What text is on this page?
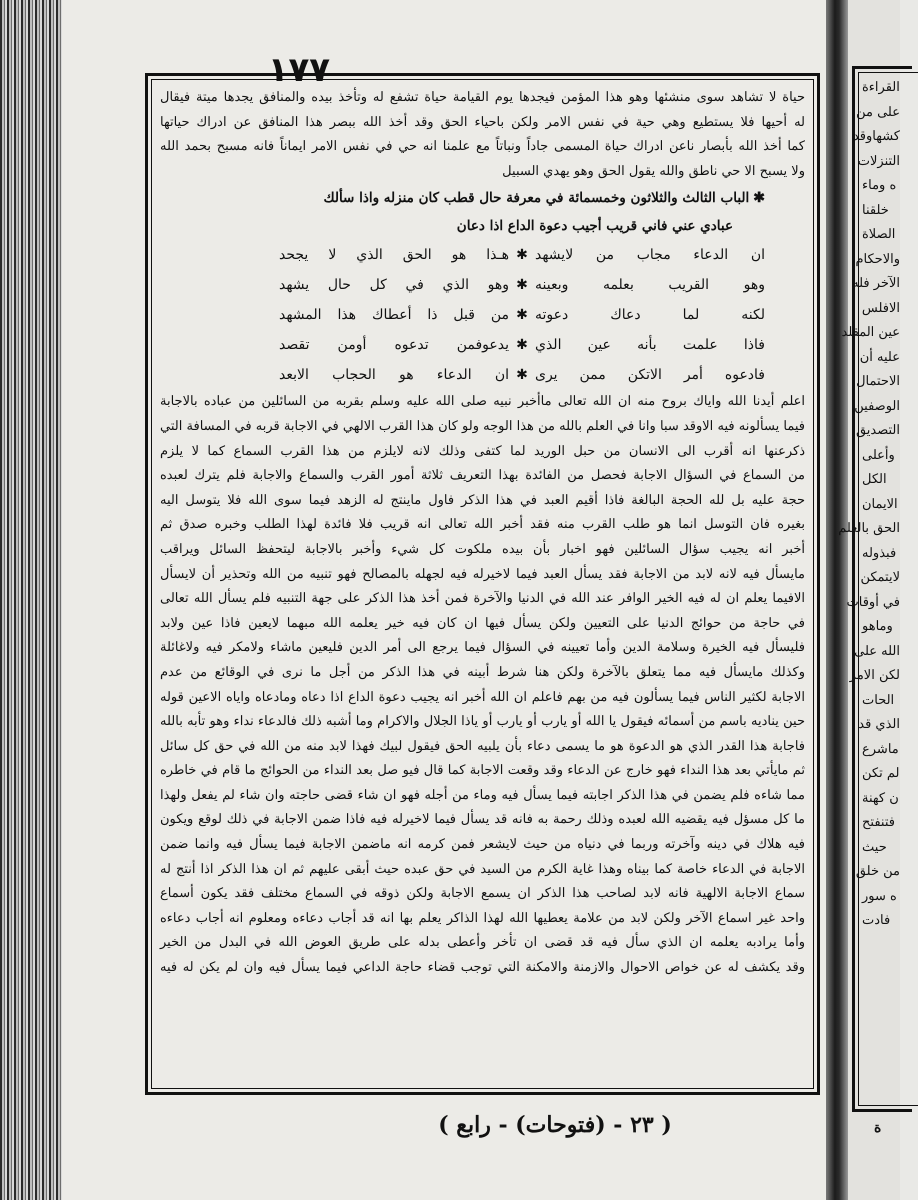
١٧٧
حياة لا تشاهد سوى منشئها وهو هذا المؤمن فيجدها يوم القيامة حياة تشفع له وتأخذ بيده والمنافق يجدها ميتة فيقال
له أحيها فلا يستطيع وهي حية في نفس الامر ولكن باحياء الحق وقد أخذ الله ببصر هذا المنافق عن ادراك حياتها
كما أخذ الله بأبصار ناعن ادراك حياة المسمى جاداً ونباتاً مع علمنا انه حي في نفس الامر ايماناً فانه مسبح بحمد الله
ولا يسبح الا حي ناطق والله يقول الحق وهو يهدي السبيل
✱الباب الثالث والثلاثون وخمسمائة في معرفة حال قطب كان منزله واذا سألك
عبادي عني فاني قريب أجيب دعوة الداع اذا دعان
ان الدعاء مجاب من لايشهد
✱
هـذا هو الحق الذي لا يجحد
وهو القريب بعلمه وبعينه
✱
وهو الذي في كل حال يشهد
لكنه لما دعاك دعوته
✱
من قبل ذا أعطاك هذا المشهد
فاذا علمت بأنه عين الذي
✱
يدعوفمن تدعوه أومن تقصد
فادعوه أمر الاتكن ممن يرى
✱
ان الدعاء هو الحجاب الابعد
اعلم أيدنا الله واياك بروح منه ان الله تعالى ماأخبر نبيه صلى الله عليه وسلم بقربه من السائلين من عباده بالاجابة
فيما يسألونه فيه الاوقد سبا وانا في العلم بالله من هذا الوجه ولو كان هذا القرب الالهي في الاجابة قربه في المسافة التي
ذكرعنها انه أقرب الى الانسان من حبل الوريد لما كتفى وذلك لانه لايلزم من هذا القرب السماع كما لا يلزم
من السماع في السؤال الاجابة فحصل من الفائدة بهذا التعريف ثلاثة أمور القرب والسماع والاجابة فلم يترك لعبده
حجة عليه بل لله الحجة البالغة فاذا أقيم العبد في هذا الذكر فاول ماينتج له الزهد فيما سوى الله فلا يتوسل اليه
بغيره فان التوسل انما هو طلب القرب منه فقد أخبر الله تعالى انه قريب فلا فائدة لهذا الطلب وخبره صدق ثم
أخبر انه يجيب سؤال السائلين فهو اخبار بأن بيده ملكوت كل شيء وأخبر بالاجابة ليتحفظ السائل ويراقب
مايسأل فيه لانه لابد من الاجابة فقد يسأل العبد فيما لاخيرله فيه لجهله بالمصالح فهو تنبيه من الله وتحذير أن لايسأل
الافيما يعلم ان له فيه الخير الوافر عند الله في الدنيا والآخرة فمن أخذ هذا الذكر على جهة التنبيه فلم يسأل الله تعالى
في حاجة من حوائج الدنيا على التعيين ولكن يسأل فيها ان كان فيه خير يعلمه الله مبهما لايعين فاذا عين ولابد
فليسأل فيه الخيرة وسلامة الدين وأما تعيينه في السؤال فيما يرجع الى أمر الدين فليعين ماشاء ولامكر فيه ولاغائلة
وكذلك مايسأل فيه مما يتعلق بالآخرة ولكن هنا شرط أبينه في هذا الذكر من أجل ما نرى في الوقائع من عدم
الاجابة لكثير الناس فيما يسألون فيه من بهم فاعلم ان الله أخبر انه يجيب دعوة الداع اذا دعاه ومادعاه واياه الاعين قوله
حين يناديه باسم من أسمائه فيقول يا الله أو يارب أو يارب أو ياذا الجلال والاكرام وما أشبه ذلك فالدعاء نداء وهو تأبه بالله
فاجابة هذا القدر الذي هو الدعوة هو ما يسمى دعاء بأن يلبيه الحق فيقول لبيك فهذا لابد منه من الله في حق كل سائل
ثم مايأتي بعد هذا النداء فهو خارج عن الدعاء وقد وقعت الاجابة كما قال فيو صل بعد النداء من الحوائج ما قام في خاطره
مما شاءه فلم يضمن في هذا الذكر اجابته فيما يسأل فيه وماء من أجله فهو ان شاء قضى حاجته وان شاء لم يفعل ولهذا
ما كل مسؤل فيه يقضيه الله لعبده وذلك رحمة به فانه قد يسأل فيما لاخيرله فيه فاذا ضمن الاجابة في ذلك لوقع ويكون
فيه هلاك في دينه وآخرته وربما في دنياه من حيث لايشعر فمن كرمه انه ماضمن الاجابة فيما يسأل فيه وانما ضمن
الاجابة في الدعاء خاصة كما بيناه وهذا غاية الكرم من السيد في حق عبده حيث أبقى عليهم ثم ان هذا الذكر اذا أنتج له
سماع الاجابة الالهية فانه لابد لصاحب هذا الذكر ان يسمع الاجابة ولكن ذوقه في السماع مختلف فقد يكون أسماع
واحد غير اسماع الآخر ولكن لابد من علامة يعطيها الله لهذا الذاكر يعلم بها انه قد أجاب دعاءه ومعلوم انه أجاب دعاءه
وأما يرادبه يعلمه ان الذي سأل فيه قد قضى ان تأخر وأعطى بدله على طريق العوض الله في البدل من الخير
وقد يكشف له عن خواص الاحوال والازمنة والامكنة التي توجب قضاء حاجة الداعي فيما يسأل فيه وان لم يكن له فيه
( ٢٣ - (فتوحات) - رابع )
القراءة
على من
كشهاوقد
التنزلات
ه وماء
خلقنا
الصلاة
والاحكام
الآخر فله
الافلس
عين المقلد
عليه أن
الاحتمال
الوصفين
التصديق
وأعلى
الكل
الايمان
الحق بالعلم
فبذوله
لايتمكن
في أوقات
وماهو
الله على
لكن الامر
الحات
الذي قد
ماشرع
لم تكن
ن كهنة
فتنفتح
حيث
من خلق
ه سور
فادت
ة
